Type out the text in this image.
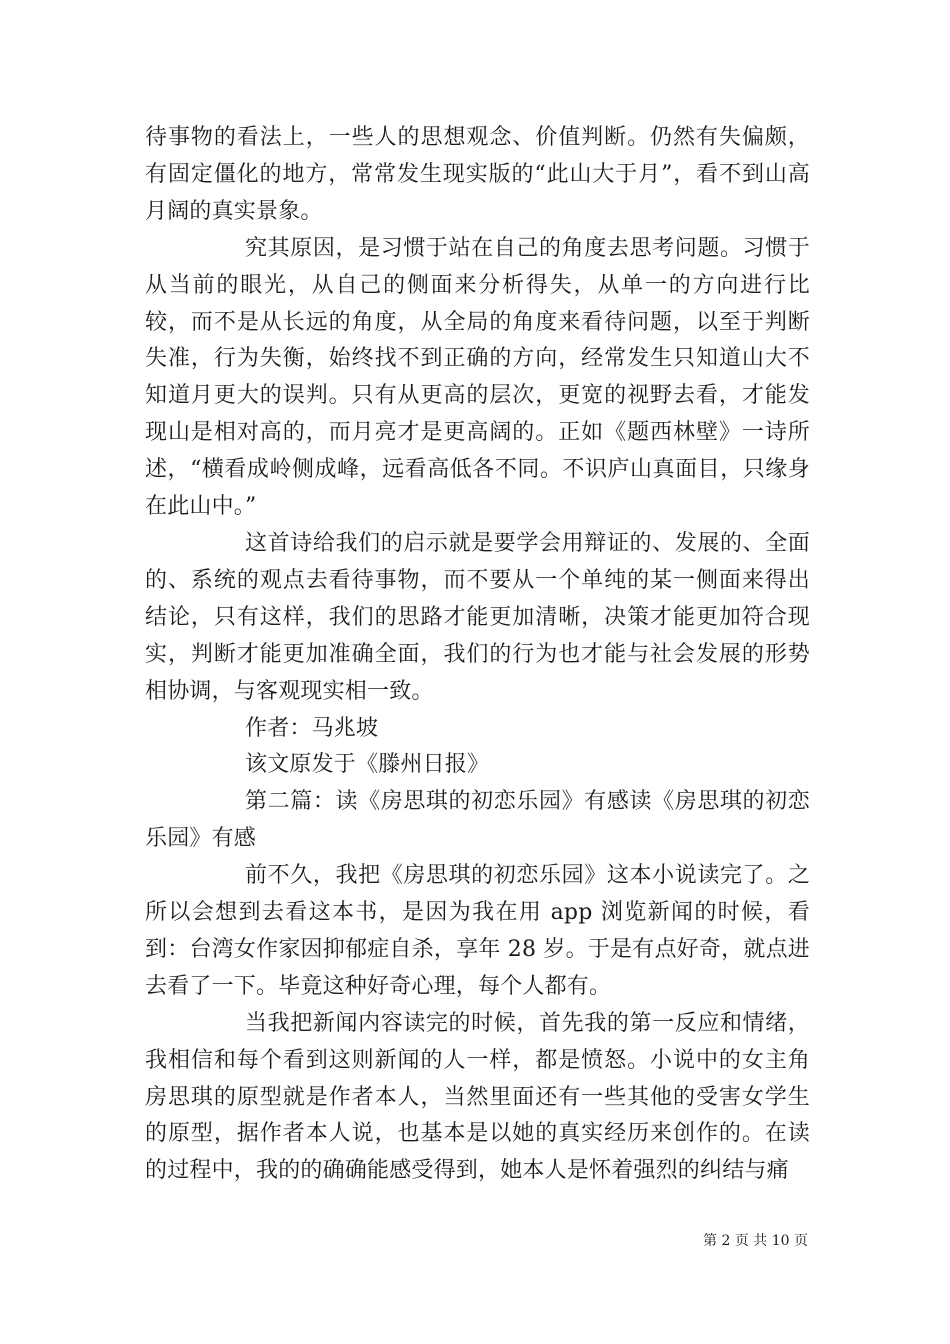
待事物的看法上，一些人的思想观念、价值判断。仍然有失偏颇，有固定僵化的地方，常常发生现实版的“此山大于月”，看不到山高月阔的真实景象。

究其原因，是习惯于站在自己的角度去思考问题。习惯于从当前的眼光，从自己的侧面来分析得失，从单一的方向进行比较，而不是从长远的角度，从全局的角度来看待问题，以至于判断失准，行为失衡，始终找不到正确的方向，经常发生只知道山大不知道月更大的误判。只有从更高的层次，更宽的视野去看，才能发现山是相对高的，而月亮才是更高阔的。正如《题西林壁》一诗所述，“横看成岭侧成峰，远看高低各不同。不识庐山真面目，只缘身在此山中。”

这首诗给我们的启示就是要学会用辩证的、发展的、全面的、系统的观点去看待事物，而不要从一个单纯的某一侧面来得出结论，只有这样，我们的思路才能更加清晰，决策才能更加符合现实，判断才能更加准确全面，我们的行为也才能与社会发展的形势相协调，与客观现实相一致。

作者：马兆坡

该文原发于《滕州日报》

第二篇：读《房思琪的初恋乐园》有感读《房思琪的初恋乐园》有感

前不久，我把《房思琪的初恋乐园》这本小说读完了。之所以会想到去看这本书，是因为我在用 app 浏览新闻的时候，看到：台湾女作家因抑郁症自杀，享年 28 岁。于是有点好奇，就点进去看了一下。毕竟这种好奇心理，每个人都有。

当我把新闻内容读完的时候，首先我的第一反应和情绪，我相信和每个看到这则新闻的人一样，都是愤怒。小说中的女主角房思琪的原型就是作者本人，当然里面还有一些其他的受害女学生的原型，据作者本人说，也基本是以她的真实经历来创作的。在读的过程中，我的的确确能感受得到，她本人是怀着强烈的纠结与痛

第 2 页 共 10 页
